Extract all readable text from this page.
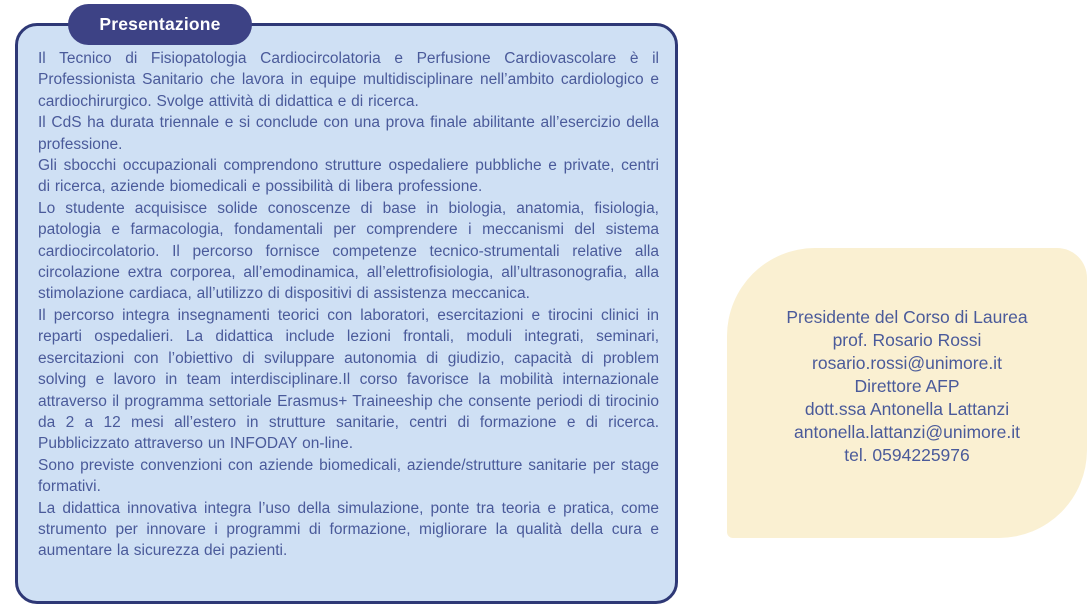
Presentazione

Il Tecnico di Fisiopatologia Cardiocircolatoria e Perfusione Cardiovascolare è il Professionista Sanitario che lavora in equipe multidisciplinare nell’ambito cardiologico e cardiochirurgico. Svolge attività di didattica e di ricerca.

Il CdS ha durata triennale e si conclude con una prova finale abilitante all’esercizio della professione.

Gli sbocchi occupazionali comprendono strutture ospedaliere pubbliche e private, centri di ricerca, aziende biomedicali e possibilità di libera professione.

Lo studente acquisisce solide conoscenze di base in biologia, anatomia, fisiologia, patologia e farmacologia, fondamentali per comprendere i meccanismi del sistema cardiocircolatorio. Il percorso fornisce competenze tecnico-strumentali relative alla circolazione extra corporea, all’emodinamica, all’elettrofisiologia, all’ultrasonografia, alla stimolazione cardiaca, all’utilizzo di dispositivi di assistenza meccanica.

Il percorso integra insegnamenti teorici con laboratori, esercitazioni e tirocini clinici in reparti ospedalieri. La didattica include lezioni frontali, moduli integrati, seminari, esercitazioni con l’obiettivo di sviluppare autonomia di giudizio, capacità di problem solving e lavoro in team interdisciplinare.Il corso favorisce la mobilità internazionale attraverso il programma settoriale Erasmus+ Traineeship che consente periodi di tirocinio da 2 a 12 mesi all’estero in strutture sanitarie, centri di formazione e di ricerca. Pubblicizzato attraverso un INFODAY on-line.

Sono previste convenzioni con aziende biomedicali, aziende/strutture sanitarie per stage formativi.

La didattica innovativa integra l’uso della simulazione, ponte tra teoria e pratica, come strumento per innovare i programmi di formazione, migliorare la qualità della cura e aumentare la sicurezza dei pazienti.

Presidente del Corso di Laurea
prof. Rosario Rossi
rosario.rossi@unimore.it
Direttore AFP
dott.ssa Antonella Lattanzi
antonella.lattanzi@unimore.it
tel. 0594225976
